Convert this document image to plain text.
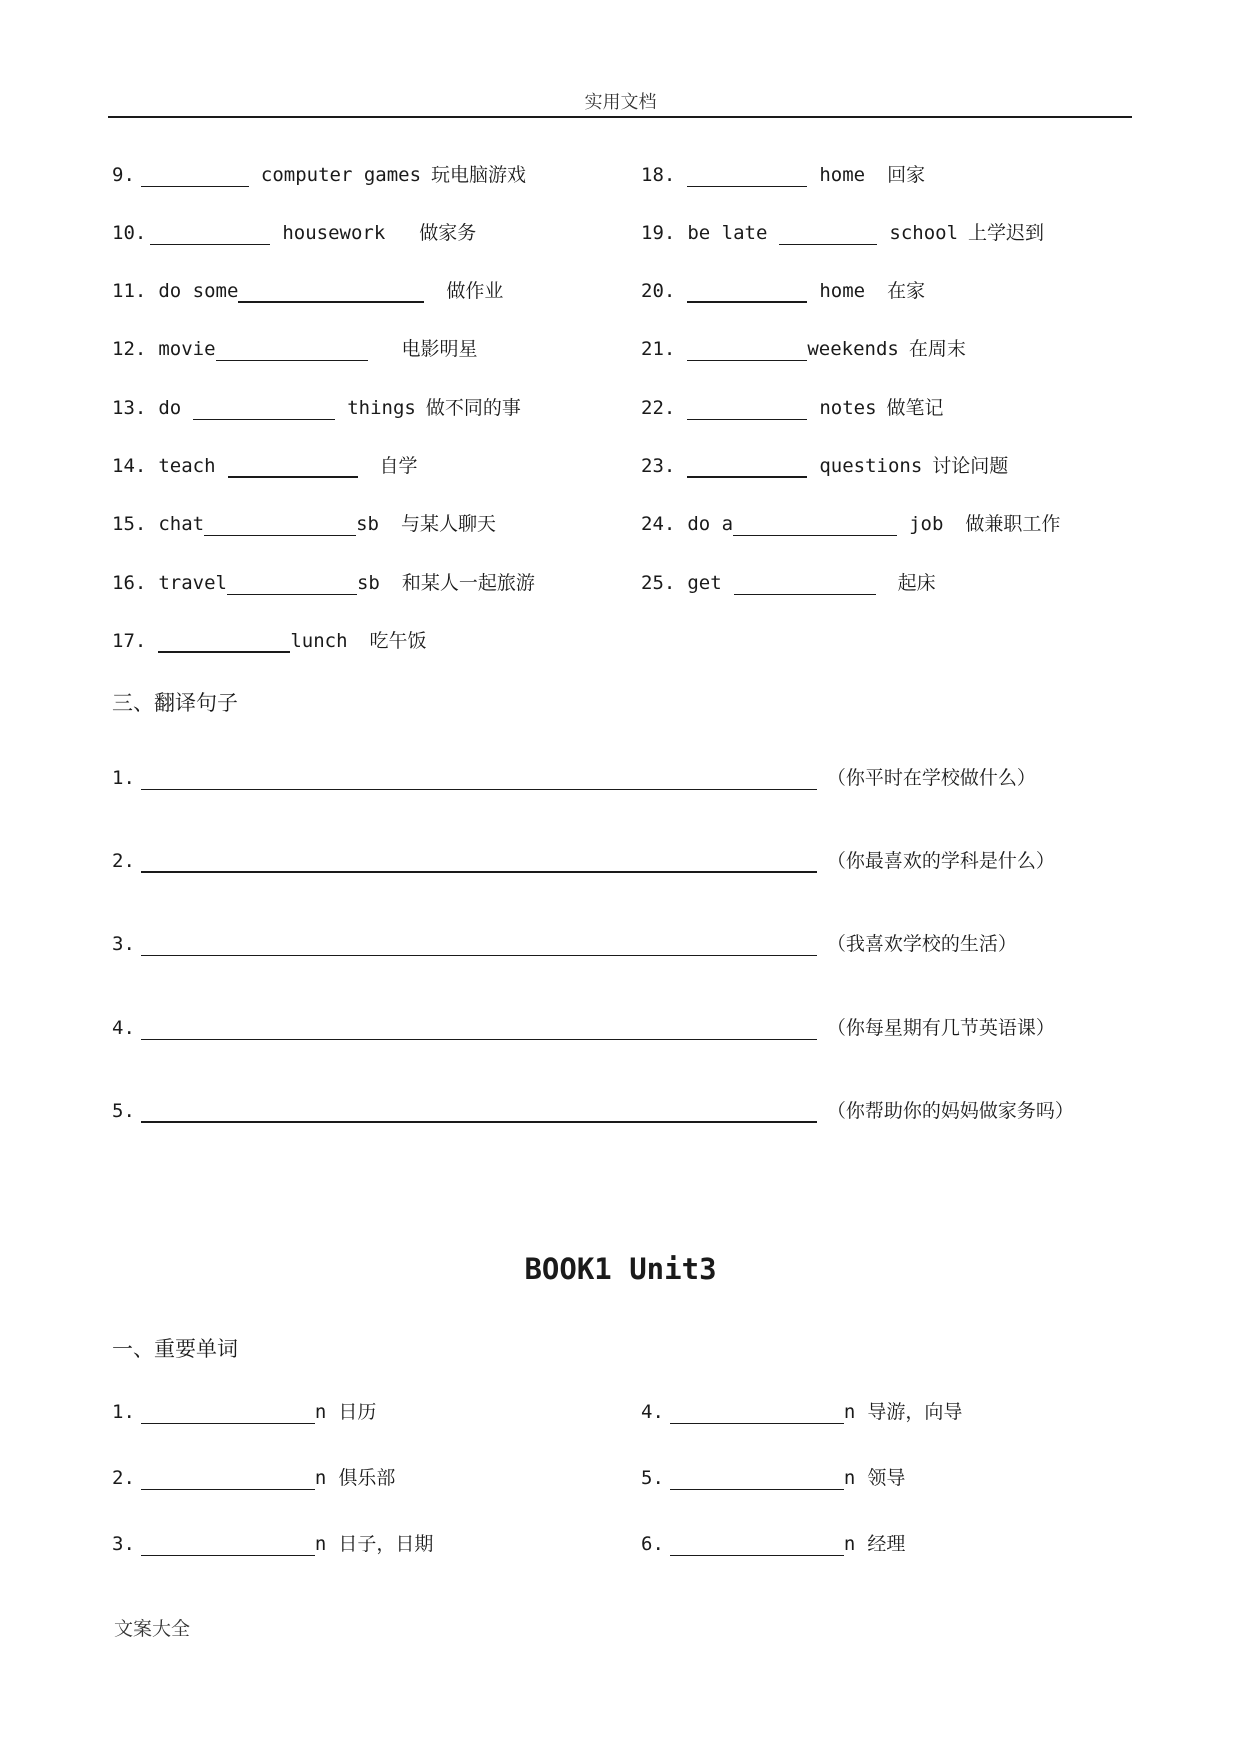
实用文档
9.	computer games 玩电脑游戏
10.	housework 做家务
11. do some	做作业
12. movie	电影明星
13. do	things 做不同的事
14. teach	自学
15. chat	sb 与某人聊天
16. travel	sb 和某人一起旅游
17.	lunch 吃午饭
18.	home 回家
19. be late	school 上学迟到
20.	home 在家
21.	weekends 在周末
22.	notes 做笔记
23.	questions 讨论问题
24. do a	job 做兼职工作
25. get	起床
三、翻译句子
1.	（你平时在学校做什么）
2.	（你最喜欢的学科是什么）
3.	（我喜欢学校的生活）
4.	（你每星期有几节英语课）
5.	（你帮助你的妈妈做家务吗）
BOOK1 Unit3
一、重要单词
1.	n 日历
2.	n 俱乐部
3.	n 日子，日期
4.	n 导游，向导
5.	n 领导
6.	n 经理
文案大全
